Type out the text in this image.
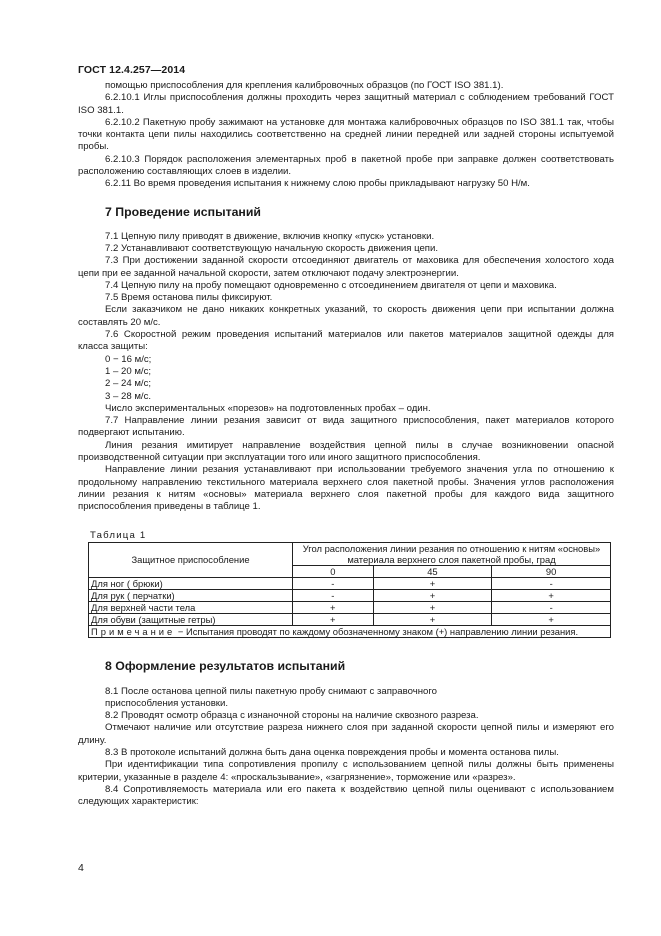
ГОСТ 12.4.257—2014

помощью приспособления для крепления калибровочных образцов (по ГОСТ ISO 381.1).

6.2.10.1 Иглы приспособления должны проходить через защитный материал с соблюдением требований ГОСТ ISO 381.1.

6.2.10.2 Пакетную пробу зажимают на установке для монтажа калибровочных образцов по ISO 381.1 так, чтобы точки контакта цепи пилы находились соответственно на средней линии передней или задней стороны испытуемой пробы.

6.2.10.3 Порядок расположения элементарных проб в пакетной пробе при заправке должен соответствовать расположению составляющих слоев в изделии.

6.2.11 Во время проведения испытания к нижнему слою пробы прикладывают нагрузку 50 Н/м.

7 Проведение испытаний

7.1 Цепную пилу приводят в движение, включив кнопку «пуск» установки.

7.2 Устанавливают соответствующую начальную скорость движения цепи.

7.3 При достижении заданной скорости отсоединяют двигатель от маховика для обеспечения холостого хода цепи при ее заданной начальной скорости, затем отключают подачу электроэнергии.

7.4 Цепную пилу на пробу помещают одновременно с отсоединением двигателя от цепи и маховика.

7.5 Время останова пилы фиксируют.

Если заказчиком не дано никаких конкретных указаний, то скорость движения цепи при испытании должна составлять 20 м/с.

7.6 Скоростной режим проведения испытаний материалов или пакетов материалов защитной одежды для класса защиты:

0 − 16 м/с;

1 – 20 м/с;

2 – 24 м/с;

3 – 28 м/с.

Число экспериментальных «порезов» на подготовленных пробах – один.

7.7 Направление линии резания зависит от вида защитного приспособления, пакет материалов которого подвергают испытанию.

Линия резания имитирует направление воздействия цепной пилы в случае возникновении опасной производственной ситуации при эксплуатации того или иного защитного приспособления.

Направление линии резания устанавливают при использовании требуемого значения угла по отношению к продольному направлению текстильного материала верхнего слоя пакетной пробы. Значения углов расположения линии резания к нитям «основы» материала верхнего слоя пакетной пробы для каждого вида защитного приспособления приведены в таблице 1.

Таблица 1
Защитное приспособление	Угол расположения линии резания по отношению к нитям «основы» материала верхнего слоя пакетной пробы, град		
	0	45	90
Для ног ( брюки)	-	+	-
Для рук ( перчатки)	-	+	+
Для верхней части тела	+	+	-
Для обуви (защитные гетры)	+	+	+
Примечание − Испытания проводят по каждому обозначенному знаком (+) направлению линии резания.			
8 Оформление результатов испытаний

8.1 После останова цепной пилы пакетную пробу снимают с заправочного

приспособления установки.

8.2 Проводят осмотр образца с изнаночной стороны на наличие сквозного разреза.

Отмечают наличие или отсутствие разреза нижнего слоя при заданной скорости цепной пилы и измеряют его длину.

8.3 В протоколе испытаний должна быть дана оценка повреждения пробы и момента останова пилы.

При идентификации типа сопротивления пропилу с использованием цепной пилы должны быть применены критерии, указанные в разделе 4: «проскальзывание», «загрязнение», торможение или «разрез».

8.4 Сопротивляемость материала или его пакета к воздействию цепной пилы оценивают с использованием следующих характеристик:

4
